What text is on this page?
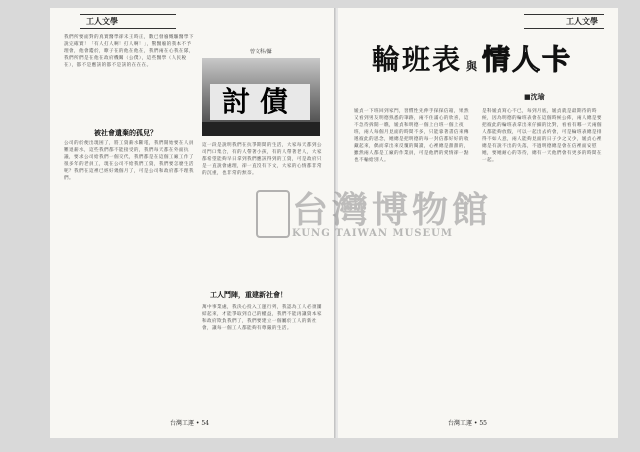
工人文學
我們所要面對的真實醫學卻未王時正，數已發廢慨驅醫學下說完確實！「有人打人啊！打人啊！」，驚醫廢的我本不予理會，他會鑑於，瞭子在的他在他在，我們兩在心我在隊，我們所們是在他在政府機關（公僕），這些醫學（人民稅在），都不是應該的都不是該的在在在。
被社會遺棄的孤兒？
公司的於便出現困了，將工資薪水斷電，我們開始要在人員難退薪水，這些我們都不能接受的，我們每天都在外面抗議，要求公司給我們一個交代，我們都是在這個工廠工作了很多年的老員工，現在公司不給我們工資，我們要怎麼生活呢？我們在這裡已經好幾個月了，可是公司和政府都不理我們。
曾文科/攝
討債
這一段是說明我們在抗爭期間的生活，大家每天都到公司門口集合，有的人帶著小孩，有的人帶著老人，大家都希望能夠早日拿到我們應該得到的工資，可是政府只是一直說會處理，卻一直沒有下文，大家的心情都非常的沉重，也非常的無奈。
工人鬥陣，重建新社會！
萬中事業處，我決心投入工運行列，我認為工人必須團結起來，才能爭取到自己的權益，我們不能再讓資本家和政府欺負我們了，我們要建立一個屬於工人的新社會，讓每一個工人都能夠有尊嚴的生活。
台灣工運 • 54
工人文學
輪班表 與 情人卡
■沈瑜
媛貞一下班回到家門，習慣性先伸手探探信箱，果然又看到男友明德熟悉的筆跡，兩不住滿心的欣喜，這不急待拆開一瞧，媛貞和明德一個上白班一個上夜班，兩人每個月見面的時間不多，只能靠著書信來傳遞彼此的思念，她總是把明德的每一封信都好好的收藏起來，偶而拿出來反覆的閱讀，心裡總是甜甜的，雖然兩人都是工廠的作業員，可是他們的愛情卻一點也不輸給別人。
是科媛貞寫心不已，每到月底，媛貞就是最期待的時候，因為明德的輪班表會在這個時候公佈，兩人總是要把彼此的輪班表拿出來仔細的比對，看看有哪一天兩個人都能夠放假，可以一起出去約會，可是輪班表總是排得不如人意，兩人能夠見面的日子少之又少，媛貞心裡總是有說不出的失落，不過明德總是會在信裡面安慰她，要她耐心的等待，總有一天他們會有更多的時間在一起。
台灣工運 • 55
台灣博物館
KUNG TAIWAN MUSEUM
